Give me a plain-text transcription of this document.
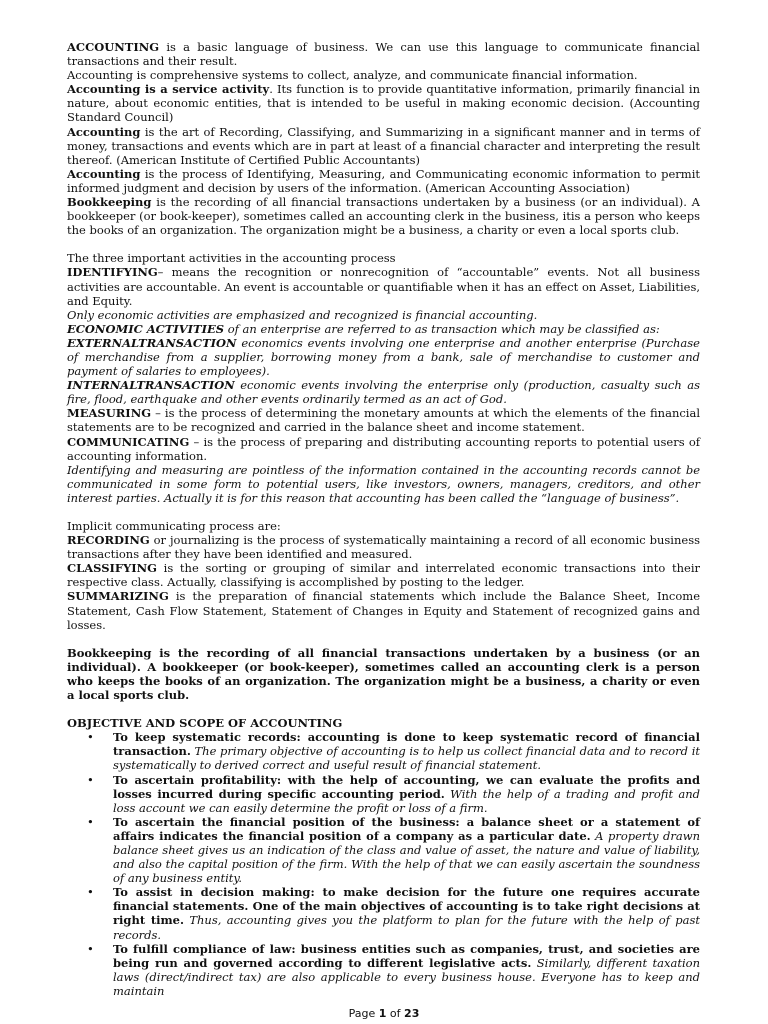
ACCOUNTING is a basic language of business. We can use this language to communicate financial transactions and their result.

Accounting is comprehensive systems to collect, analyze, and communicate financial information.

Accounting is a service activity. Its function is to provide quantitative information, primarily financial in nature, about economic entities, that is intended to be useful in making economic decision. (Accounting Standard Council)

Accounting is the art of Recording, Classifying, and Summarizing in a significant manner and in terms of money, transactions and events which are in part at least of a financial character and interpreting the result thereof. (American Institute of Certified Public Accountants)

Accounting is the process of Identifying, Measuring, and Communicating economic information to permit informed judgment and decision by users of the information. (American Accounting Association)

Bookkeeping is the recording of all financial transactions undertaken by a business (or an individual). A bookkeeper (or book-keeper), sometimes called an accounting clerk in the business, itis a person who keeps the books of an organization. The organization might be a business, a charity or even a local sports club.

The three important activities in the accounting process

IDENTIFYING– means the recognition or nonrecognition of “accountable” events. Not all business activities are accountable. An event is accountable or quantifiable when it has an effect on Asset, Liabilities, and Equity.

Only economic activities are emphasized and recognized is financial accounting.

ECONOMIC ACTIVITIES of an enterprise are referred to as transaction which may be classified as:

EXTERNALTRANSACTION economics events involving one enterprise and another enterprise (Purchase of merchandise from a supplier, borrowing money from a bank, sale of merchandise to customer and payment of salaries to employees).

INTERNALTRANSACTION economic events involving the enterprise only (production, casualty such as fire, flood, earthquake and other events ordinarily termed as an act of God.

MEASURING – is the process of determining the monetary amounts at which the elements of the financial statements are to be recognized and carried in the balance sheet and income statement.

COMMUNICATING – is the process of preparing and distributing accounting reports to potential users of accounting information.

Identifying and measuring are pointless of the information contained in the accounting records cannot be communicated in some form to potential users, like investors, owners, managers, creditors, and other interest parties. Actually it is for this reason that accounting has been called the “language of business”.

Implicit communicating process are:

RECORDING or journalizing is the process of systematically maintaining a record of all economic business transactions after they have been identified and measured.

CLASSIFYING is the sorting or grouping of similar and interrelated economic transactions into their respective class. Actually, classifying is accomplished by posting to the ledger.

SUMMARIZING is the preparation of financial statements which include the Balance Sheet, Income Statement, Cash Flow Statement, Statement of Changes in Equity and Statement of recognized gains and losses.

Bookkeeping is the recording of all financial transactions undertaken by a business (or an individual). A bookkeeper (or book-keeper), sometimes called an accounting clerk is a person who keeps the books of an organization. The organization might be a business, a charity or even a local sports club.

OBJECTIVE AND SCOPE OF ACCOUNTING

• To keep systematic records: accounting is done to keep systematic record of financial transaction. The primary objective of accounting is to help us collect financial data and to record it systematically to derived correct and useful result of financial statement.
• To ascertain profitability: with the help of accounting, we can evaluate the profits and losses incurred during specific accounting period. With the help of a trading and profit and loss account we can easily determine the profit or loss of a firm.
• To ascertain the financial position of the business: a balance sheet or a statement of affairs indicates the financial position of a company as a particular date. A property drawn balance sheet gives us an indication of the class and value of asset, the nature and value of liability, and also the capital position of the firm. With the help of that we can easily ascertain the soundness of any business entity.
• To assist in decision making: to make decision for the future one requires accurate financial statements. One of the main objectives of accounting is to take right decisions at right time. Thus, accounting gives you the platform to plan for the future with the help of past records.
• To fulfill compliance of law: business entities such as companies, trust, and societies are being run and governed according to different legislative acts. Similarly, different taxation laws (direct/indirect tax) are also applicable to every business house. Everyone has to keep and maintain
Page 1 of 23
